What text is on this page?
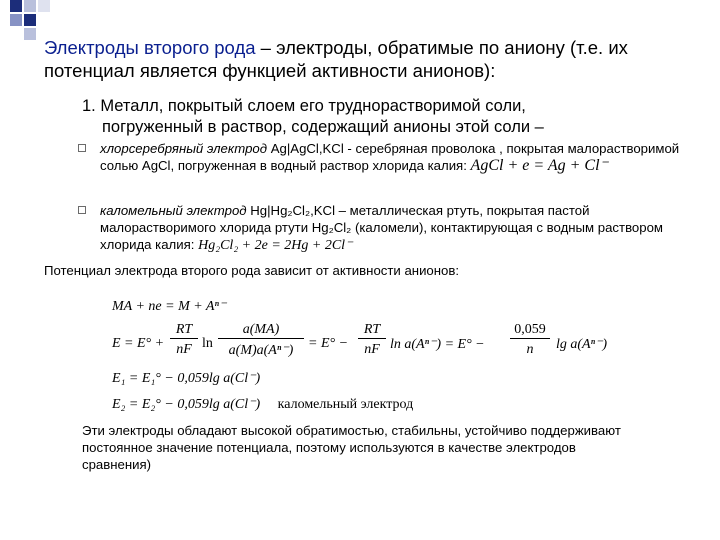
Электроды второго рода – электроды, обратимые по аниону (т.е. их потенциал является функцией активности анионов):
1. Металл, покрытый слоем его труднорастворимой соли,
погруженный в раствор, содержащий анионы этой соли –
хлорсеребряный электрод Ag|AgCl,KCl - серебряная проволока , покрытая малорастворимой солью AgCl, погруженная в водный раствор хлорида калия: AgCl + e = Ag + Cl⁻
каломельный электрод Hg|Hg₂Cl₂,KCl – металлическая ртуть, покрытая пастой малорастворимого хлорида ртути Hg₂Cl₂ (каломели), контактирующая с водным раствором хлорида калия: Hg₂Cl₂ + 2e = 2Hg + 2Cl⁻
Потенциал электрода второго рода зависит от активности анионов:
MA + ne = M + Aⁿ⁻
E = E° +
RT
nF ln
a(MA)
a(M)a(Aⁿ⁻)	= E° −
RT
nF ln a(Aⁿ⁻) = E° −
0,059
n	lg a(Aⁿ⁻)
E₁ = E₁° − 0,059lg a(Cl⁻)
E₂ = E₂° − 0,059lg a(Cl⁻) каломельный электрод
Эти электроды обладают высокой обратимостью, стабильны, устойчиво поддерживают постоянное значение потенциала, поэтому используются в качестве электродов сравнения)
